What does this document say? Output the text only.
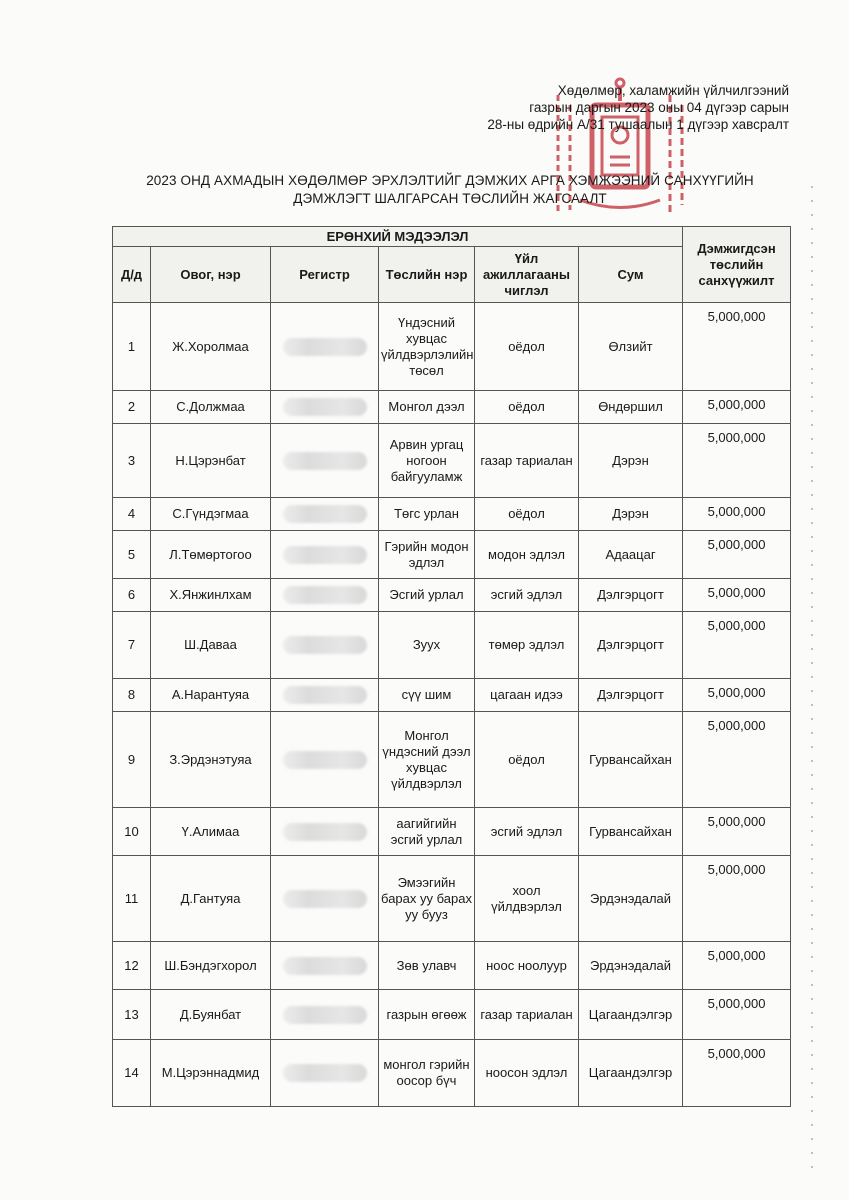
Хөдөлмөр, халамжийн үйлчилгээний
газрын даргын 2023 оны 04 дүгээр сарын
28-ны өдрийн А/31 тушаалын 1 дүгээр хавсралт
2023 ОНД АХМАДЫН ХӨДӨЛМӨР ЭРХЛЭЛТИЙГ ДЭМЖИХ АРГА ХЭМЖЭЭНИЙ САНХҮҮГИЙН
ДЭМЖЛЭГТ ШАЛГАРСАН ТӨСЛИЙН ЖАГСААЛТ
ЕРӨНХИЙ МЭДЭЭЛЭЛ						Дэмжигдсэн төслийн санхүүжилт
Д/д	Овог, нэр	Регистр	Төслийн нэр	Үйл ажиллагааны чиглэл	Сум	
1	Ж.Хоролмаа		Үндэсний хувцас үйлдвэрлэлийн төсөл	оёдол	Өлзийт	5,000,000
2	С.Должмаа		Монгол дээл	оёдол	Өндөршил	5,000,000
3	Н.Цэрэнбат		Арвин ургац ногоон байгууламж	газар тариалан	Дэрэн	5,000,000
4	С.Гүндэгмаа		Төгс урлан	оёдол	Дэрэн	5,000,000
5	Л.Төмөртогоо		Гэрийн модон эдлэл	модон эдлэл	Адаацаг	5,000,000
6	Х.Янжинлхам		Эсгий урлал	эсгий эдлэл	Дэлгэрцогт	5,000,000
7	Ш.Даваа		Зуух	төмөр эдлэл	Дэлгэрцогт	5,000,000
8	А.Нарантуяа		сүү шим	цагаан идээ	Дэлгэрцогт	5,000,000
9	З.Эрдэнэтуяа		Монгол үндэсний дээл хувцас үйлдвэрлэл	оёдол	Гурвансайхан	5,000,000
10	Ү.Алимаа		аагийгийн эсгий урлал	эсгий эдлэл	Гурвансайхан	5,000,000
11	Д.Гантуяа		Эмээгийн барах уу барах уу бууз	хоол үйлдвэрлэл	Эрдэнэдалай	5,000,000
12	Ш.Бэндэгхорол		Зөв улавч	ноос ноолуур	Эрдэнэдалай	5,000,000
13	Д.Буянбат		газрын өгөөж	газар тариалан	Цагаандэлгэр	5,000,000
14	М.Цэрэннадмид		монгол гэрийн оосор бүч	ноосон эдлэл	Цагаандэлгэр	5,000,000
